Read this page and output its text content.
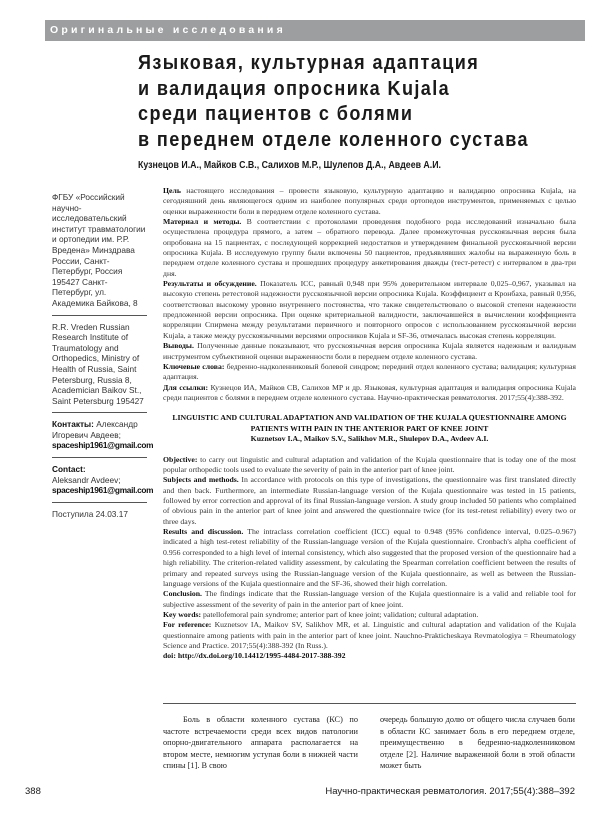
Оригинальные исследования
Языковая, культурная адаптация
и валидация опросника Kujala
среди пациентов с болями
в переднем отделе коленного сустава
Кузнецов И.А., Майков С.В., Салихов М.Р., Шулепов Д.А., Авдеев А.И.
ФГБУ «Российский научно-исследовательский институт травматологии и ортопедии им. Р.Р. Вредена» Минздрава России, Санкт-Петербург, Россия 195427 Санкт-Петербург, ул. Академика Байкова, 8
R.R. Vreden Russian Research Institute of Traumatology and Orthopedics, Ministry of Health of Russia, Saint Petersburg, Russia 8, Academician Baikov St., Saint Petersburg 195427
Контакты: Александр Игоревич Авдеев;
spaceship1961@gmail.com
Contact:
Aleksandr Avdeev;
spaceship1961@gmail.com
Поступила 24.03.17

Цель настоящего исследования – провести языковую, культурную адаптацию и валидацию опросника Kujala, на сегодняшний день являющегося одним из наиболее популярных среди ортопедов инструментов, применяемых с целью оценки выраженности боли в переднем отделе коленного сустава.

Материал и методы. В соответствии с протоколами проведения подобного рода исследований изначально была осуществлена процедура прямого, а затем – обратного перевода. Далее промежуточная русскоязычная версия была опробована на 15 пациентах, с последующей коррекцией недостатков и утверждением финальной русскоязычной версии опросника Kujala. В исследуемую группу были включены 50 пациентов, предъявлявших жалобы на выраженную боль в переднем отделе коленного сустава и прошедших процедуру анкетирования дважды (тест-ретест) с интервалом в два-три дня.

Результаты и обсуждение. Показатель ICC, равный 0,948 при 95% доверительном интервале 0,025–0,967, указывал на высокую степень ретестовой надежности русскоязычной версии опросника Kujala. Коэффициент α Кронбаха, равный 0,956, соответствовал высокому уровню внутреннего постоянства, что также свидетельствовало о высокой степени надежности предложенной версии опросника. При оценке критериальной валидности, заключавшейся в вычислении коэффициента корреляции Спирмена между результатами первичного и повторного опросов с использованием русскоязычной версии Kujala, а также между русскоязычными версиями опросников Kujala и SF-36, отмечалась высокая степень корреляции.

Выводы. Полученные данные показывают, что русскоязычная версия опросника Kujala является надежным и валидным инструментом субъективной оценки выраженности боли в переднем отделе коленного сустава.

Ключевые слова: бедренно-надколенниковый болевой синдром; передний отдел коленного сустава; валидация; культурная адаптация.

Для ссылки: Кузнецов ИА, Майков СВ, Салихов МР и др. Языковая, культурная адаптация и валидация опросника Kujala среди пациентов с болями в переднем отделе коленного сустава. Научно-практическая ревматология. 2017;55(4):388-392.

LINGUISTIC AND CULTURAL ADAPTATION AND VALIDATION OF THE KUJALA QUESTIONNAIRE AMONG PATIENTS WITH PAIN IN THE ANTERIOR PART OF KNEE JOINT
Kuznetsov I.A., Maikov S.V., Salikhov M.R., Shulepov D.A., Avdeev A.I.

Objective: to carry out linguistic and cultural adaptation and validation of the Kujala questionnaire that is today one of the most popular orthopedic tools used to evaluate the severity of pain in the anterior part of knee joint.

Subjects and methods. In accordance with protocols on this type of investigations, the questionnaire was first translated directly and then back. Furthermore, an intermediate Russian-language version of the Kujala questionnaire was tested in 15 patients, followed by error correction and approval of its final Russian-language version. A study group included 50 patients who complained of obvious pain in the anterior part of knee joint and answered the questionnaire twice (for its test-retest reliability) every two or three days.

Results and discussion. The intraclass correlation coefficient (ICC) equal to 0.948 (95% confidence interval, 0.025–0.967) indicated a high test-retest reliability of the Russian-language version of the Kujala questionnaire. Cronbach's alpha coefficient of 0.956 corresponded to a high level of internal consistency, which also suggested that the proposed version of the questionnaire had a high reliability. The criterion-related validity assessment, by calculating the Spearman correlation coefficient between the results of primary and repeated surveys using the Russian-language version of the Kujala questionnaire, as well as between the Russian-language versions of the Kujala questionnaire and the SF-36, showed their high correlation.

Conclusion. The findings indicate that the Russian-language version of the Kujala questionnaire is a valid and reliable tool for subjective assessment of the severity of pain in the anterior part of knee joint.

Key words: patellofemoral pain syndrome; anterior part of knee joint; validation; cultural adaptation.

For reference: Kuznetsov IA, Maikov SV, Salikhov MR, et al. Linguistic and cultural adaptation and validation of the Kujala questionnaire among patients with pain in the anterior part of knee joint. Nauchno-Prakticheskaya Revmatologiya = Rheumatology Science and Practice. 2017;55(4):388-392 (In Russ.).

doi: http://dx.doi.org/10.14412/1995-4484-2017-388-392

Боль в области коленного сустава (КС) по частоте встречаемости среди всех видов патологии опорно-двигательного аппарата располагается на втором месте, немногим уступая боли в нижней части спины [1]. В свою

очередь большую долю от общего числа случаев боли в области КС занимает боль в его переднем отделе, преимущественно в бедренно-надколенниковом отделе [2]. Наличие выраженной боли в этой области может быть

388	Научно-практическая ревматология. 2017;55(4):388–392
